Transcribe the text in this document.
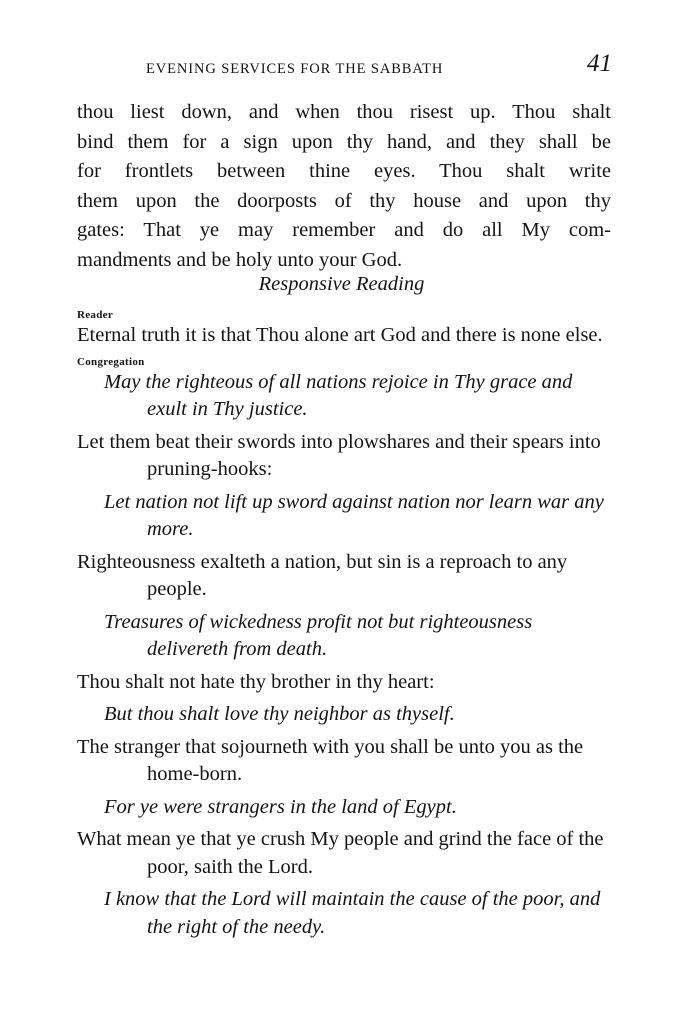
EVENING SERVICES FOR THE SABBATH	41
thou liest down, and when thou risest up. Thou shalt
bind them for a sign upon thy hand, and they shall be
for frontlets between thine eyes. Thou shalt write
them upon the doorposts of thy house and upon thy
gates: That ye may remember and do all My com-
mandments and be holy unto your God.
Responsive Reading
Reader
Eternal truth it is that Thou alone art God and there is none else.
Congregation
May the righteous of all nations rejoice in Thy grace and exult in Thy justice.
Let them beat their swords into plowshares and their spears into pruning-hooks:
Let nation not lift up sword against nation nor learn war any more.
Righteousness exalteth a nation, but sin is a reproach to any people.
Treasures of wickedness profit not but righteousness delivereth from death.
Thou shalt not hate thy brother in thy heart:
But thou shalt love thy neighbor as thyself.
The stranger that sojourneth with you shall be unto you as the home-born.
For ye were strangers in the land of Egypt.
What mean ye that ye crush My people and grind the face of the poor, saith the Lord.
I know that the Lord will maintain the cause of the poor, and the right of the needy.
